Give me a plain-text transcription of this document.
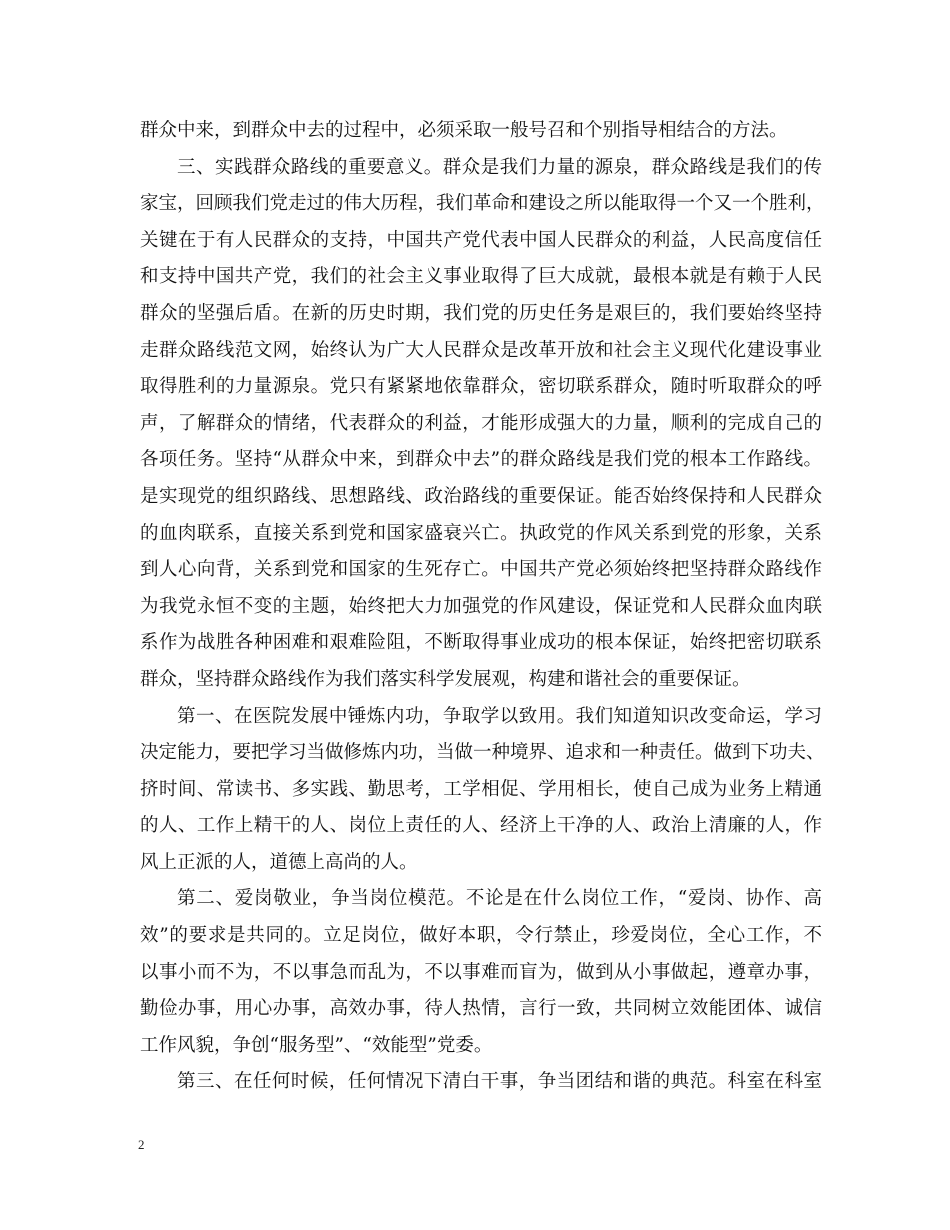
群众中来，到群众中去的过程中，必须采取一般号召和个别指导相结合的方法。
三、实践群众路线的重要意义。群众是我们力量的源泉，群众路线是我们的传
家宝，回顾我们党走过的伟大历程，我们革命和建设之所以能取得一个又一个胜利，
关键在于有人民群众的支持，中国共产党代表中国人民群众的利益，人民高度信任
和支持中国共产党，我们的社会主义事业取得了巨大成就，最根本就是有赖于人民
群众的坚强后盾。在新的历史时期，我们党的历史任务是艰巨的，我们要始终坚持
走群众路线范文网，始终认为广大人民群众是改革开放和社会主义现代化建设事业
取得胜利的力量源泉。党只有紧紧地依靠群众，密切联系群众，随时听取群众的呼
声，了解群众的情绪，代表群众的利益，才能形成强大的力量，顺利的完成自己的
各项任务。坚持“从群众中来，到群众中去”的群众路线是我们党的根本工作路线。
是实现党的组织路线、思想路线、政治路线的重要保证。能否始终保持和人民群众
的血肉联系，直接关系到党和国家盛衰兴亡。执政党的作风关系到党的形象，关系
到人心向背，关系到党和国家的生死存亡。中国共产党必须始终把坚持群众路线作
为我党永恒不变的主题，始终把大力加强党的作风建设，保证党和人民群众血肉联
系作为战胜各种困难和艰难险阻，不断取得事业成功的根本保证，始终把密切联系
群众，坚持群众路线作为我们落实科学发展观，构建和谐社会的重要保证。
第一、在医院发展中锤炼内功，争取学以致用。我们知道知识改变命运，学习
决定能力，要把学习当做修炼内功，当做一种境界、追求和一种责任。做到下功夫、
挤时间、常读书、多实践、勤思考，工学相促、学用相长，使自己成为业务上精通
的人、工作上精干的人、岗位上责任的人、经济上干净的人、政治上清廉的人，作
风上正派的人，道德上高尚的人。
第二、爱岗敬业，争当岗位模范。不论是在什么岗位工作，“爱岗、协作、高
效”的要求是共同的。立足岗位，做好本职，令行禁止，珍爱岗位，全心工作，不
以事小而不为，不以事急而乱为，不以事难而盲为，做到从小事做起，遵章办事，
勤俭办事，用心办事，高效办事，待人热情，言行一致，共同树立效能团体、诚信
工作风貌，争创“服务型”、“效能型”党委。
第三、在任何时候，任何情况下清白干事，争当团结和谐的典范。科室在科室
2
